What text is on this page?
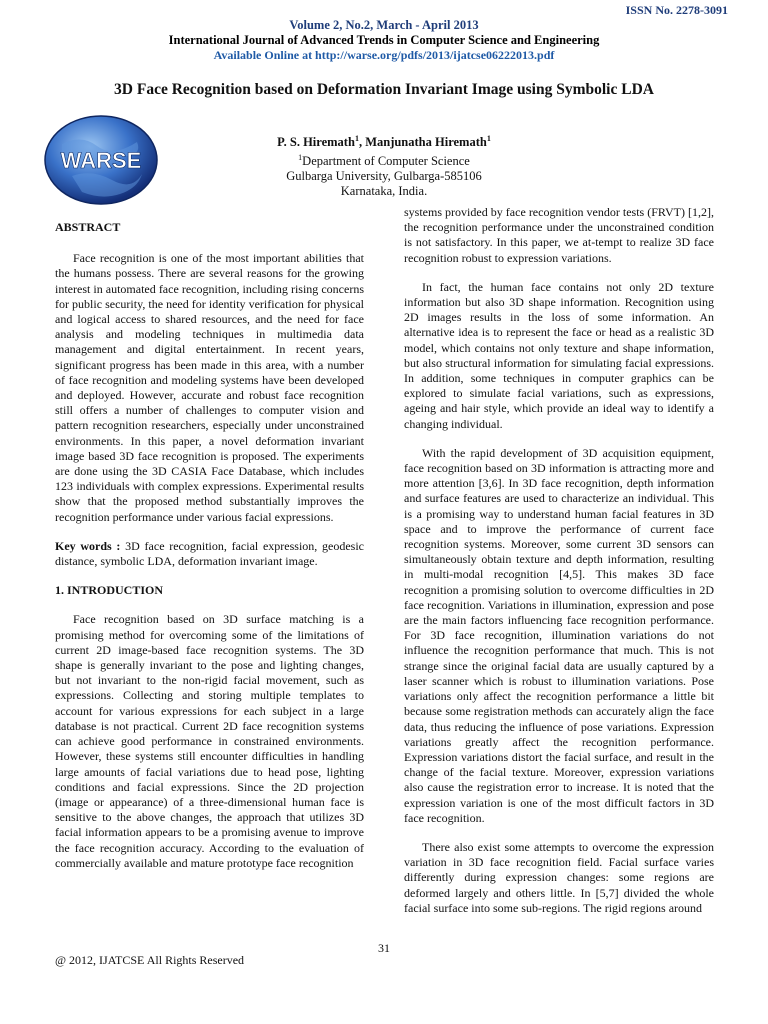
ISSN No. 2278-3091
Volume 2, No.2, March - April 2013
International Journal of Advanced Trends in Computer Science and Engineering
Available Online at http://warse.org/pdfs/2013/ijatcse06222013.pdf
3D Face Recognition based on Deformation Invariant Image using Symbolic LDA
WARSE
P. S. Hiremath$^1$, Manjunatha Hiremath$^1$
$^1$Department of Computer Science
Gulbarga University, Gulbarga-585106
Karnataka, India.
ABSTRACT

Face recognition is one of the most important abilities that the humans possess. There are several reasons for the growing interest in automated face recognition, including rising concerns for public security, the need for identity verification for physical and logical access to shared resources, and the need for face analysis and modeling techniques in multimedia data management and digital entertainment. In recent years, significant progress has been made in this area, with a number of face recognition and modeling systems have been developed and deployed. However, accurate and robust face recognition still offers a number of challenges to computer vision and pattern recognition researchers, especially under unconstrained environments. In this paper, a novel deformation invariant image based 3D face recognition is proposed. The experiments are done using the 3D CASIA Face Database, which includes 123 individuals with complex expressions. Experimental results show that the proposed method substantially improves the recognition performance under various facial expressions.

Key words : 3D face recognition, facial expression, geodesic distance, symbolic LDA, deformation invariant image.

1. INTRODUCTION

Face recognition based on 3D surface matching is a promising method for overcoming some of the limitations of current 2D image-based face recognition systems. The 3D shape is generally invariant to the pose and lighting changes, but not invariant to the non-rigid facial movement, such as expressions. Collecting and storing multiple templates to account for various expressions for each subject in a large database is not practical. Current 2D face recognition systems can achieve good performance in constrained environments. However, these systems still encounter difficulties in handling large amounts of facial variations due to head pose, lighting conditions and facial expressions. Since the 2D projection (image or appearance) of a three-dimensional human face is sensitive to the above changes, the approach that utilizes 3D facial information appears to be a promising avenue to improve the face recognition accuracy. According to the evaluation of commercially available and mature prototype face recognition

systems provided by face recognition vendor tests (FRVT) [1,2], the recognition performance under the unconstrained condition is not satisfactory. In this paper, we at-tempt to realize 3D face recognition robust to expression variations.

In fact, the human face contains not only 2D texture information but also 3D shape information. Recognition using 2D images results in the loss of some information. An alternative idea is to represent the face or head as a realistic 3D model, which contains not only texture and shape information, but also structural information for simulating facial expressions. In addition, some techniques in computer graphics can be explored to simulate facial variations, such as expressions, ageing and hair style, which provide an ideal way to identify a changing individual.

With the rapid development of 3D acquisition equipment, face recognition based on 3D information is attracting more and more attention [3,6]. In 3D face recognition, depth information and surface features are used to characterize an individual. This is a promising way to understand human facial features in 3D space and to improve the performance of current face recognition systems. Moreover, some current 3D sensors can simultaneously obtain texture and depth information, resulting in multi-modal recognition [4,5]. This makes 3D face recognition a promising solution to overcome difficulties in 2D face recognition. Variations in illumination, expression and pose are the main factors influencing face recognition performance. For 3D face recognition, illumination variations do not influence the recognition performance that much. This is not strange since the original facial data are usually captured by a laser scanner which is robust to illumination variations. Pose variations only affect the recognition performance a little bit because some registration methods can accurately align the face data, thus reducing the influence of pose variations. Expression variations greatly affect the recognition performance. Expression variations distort the facial surface, and result in the change of the facial texture. Moreover, expression variations also cause the registration error to increase. It is noted that the expression variation is one of the most difficult factors in 3D face recognition.

There also exist some attempts to overcome the expression variation in 3D face recognition field. Facial surface varies differently during expression changes: some regions are deformed largely and others little. In [5,7] divided the whole facial surface into some sub-regions. The rigid regions around

31
@ 2012, IJATCSE All Rights Reserved
